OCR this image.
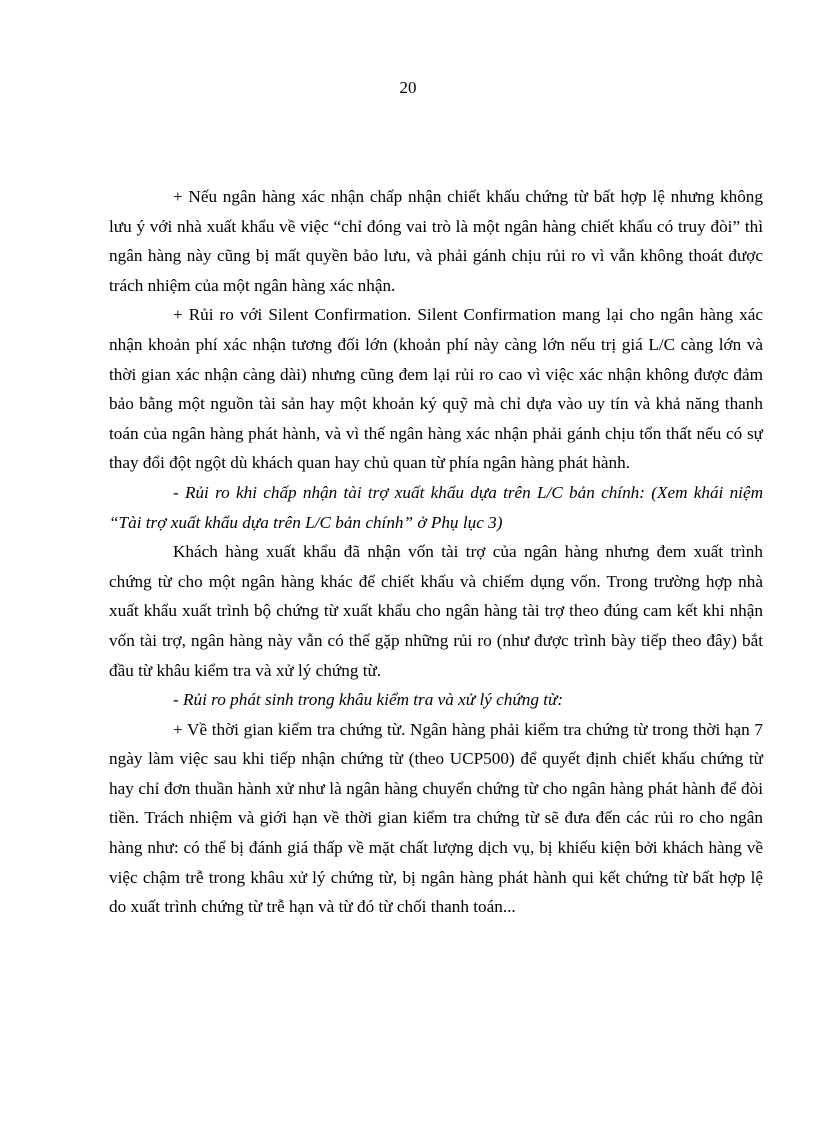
20

+ Nếu ngân hàng xác nhận chấp nhận chiết khấu chứng từ bất hợp lệ nhưng không lưu ý với nhà xuất khẩu về việc “chỉ đóng vai trò là một ngân hàng chiết khấu có truy đòi” thì ngân hàng này cũng bị mất quyền bảo lưu, và phải gánh chịu rủi ro vì vẫn không thoát được trách nhiệm của một ngân hàng xác nhận.

+ Rủi ro với Silent Confirmation. Silent Confirmation mang lại cho ngân hàng xác nhận khoản phí xác nhận tương đối lớn (khoản phí này càng lớn nếu trị giá L/C càng lớn và thời gian xác nhận càng dài) nhưng cũng đem lại rủi ro cao vì việc xác nhận không được đảm bảo bằng một nguồn tài sản hay một khoản ký quỹ mà chỉ dựa vào uy tín và khả năng thanh toán của ngân hàng phát hành, và vì thế ngân hàng xác nhận phải gánh chịu tổn thất nếu có sự thay đổi đột ngột dù khách quan hay chủ quan từ phía ngân hàng phát hành.

- Rủi ro khi chấp nhận tài trợ xuất khẩu dựa trên L/C bản chính: (Xem khái niệm “Tài trợ xuất khẩu dựa trên L/C bản chính” ở Phụ lục 3)

Khách hàng xuất khẩu đã nhận vốn tài trợ của ngân hàng nhưng đem xuất trình chứng từ cho một ngân hàng khác để chiết khấu và chiếm dụng vốn. Trong trường hợp nhà xuất khẩu xuất trình bộ chứng từ xuất khẩu cho ngân hàng tài trợ theo đúng cam kết khi nhận vốn tài trợ, ngân hàng này vẫn có thể gặp những rủi ro (như được trình bày tiếp theo đây) bắt đầu từ khâu kiểm tra và xử lý chứng từ.

- Rủi ro phát sinh trong khâu kiểm tra và xử lý chứng từ:

+ Về thời gian kiểm tra chứng từ. Ngân hàng phải kiểm tra chứng từ trong thời hạn 7 ngày làm việc sau khi tiếp nhận chứng từ (theo UCP500) để quyết định chiết khấu chứng từ hay chỉ đơn thuần hành xử như là ngân hàng chuyển chứng từ cho ngân hàng phát hành để đòi tiền. Trách nhiệm và giới hạn về thời gian kiểm tra chứng từ sẽ đưa đến các rủi ro cho ngân hàng như: có thể bị đánh giá thấp về mặt chất lượng dịch vụ, bị khiếu kiện bởi khách hàng về việc chậm trễ trong khâu xử lý chứng từ, bị ngân hàng phát hành qui kết chứng từ bất hợp lệ do xuất trình chứng từ trễ hạn và từ đó từ chối thanh toán...
